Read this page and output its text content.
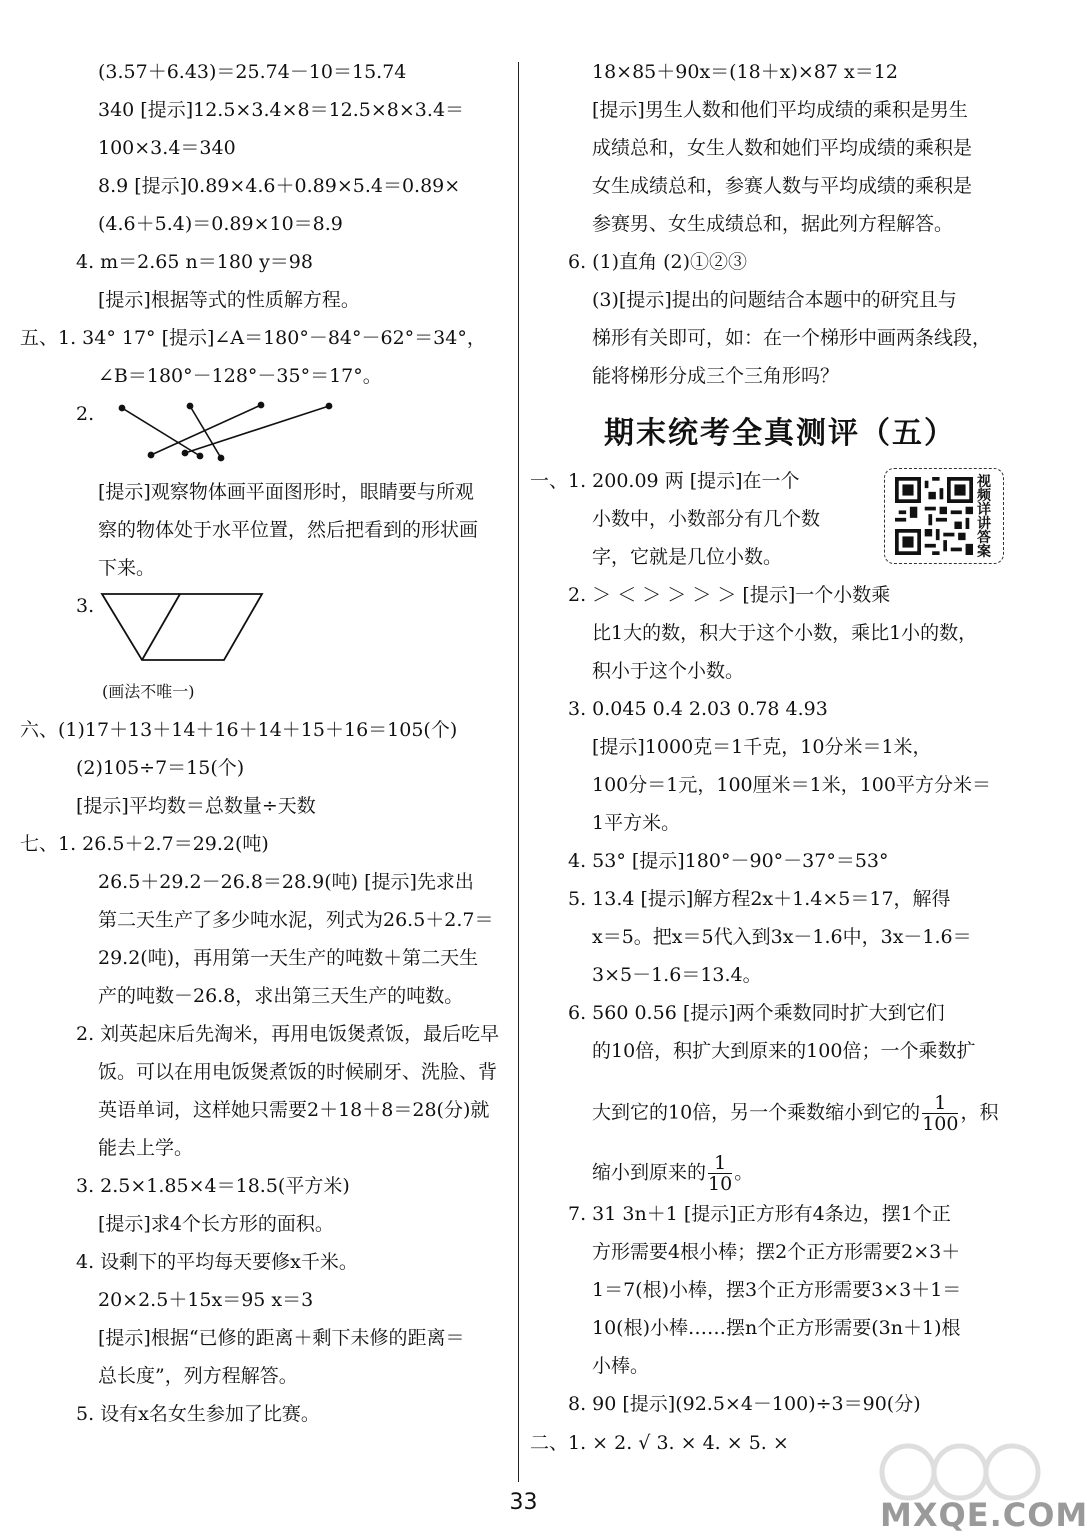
(3.57＋6.43)＝25.74－10＝15.74
340 [提示]12.5×3.4×8＝12.5×8×3.4＝
100×3.4＝340
8.9 [提示]0.89×4.6＋0.89×5.4＝0.89×
(4.6＋5.4)＝0.89×10＝8.9
4. m＝2.65 n＝180 y＝98
[提示]根据等式的性质解方程。
五、1. 34° 17° [提示]∠A＝180°－84°－62°＝34°，
∠B＝180°－128°－35°＝17°。
2.
[提示]观察物体画平面图形时，眼睛要与所观
察的物体处于水平位置，然后把看到的形状画
下来。
3.
(画法不唯一)
六、(1)17＋13＋14＋16＋14＋15＋16＝105(个)
(2)105÷7＝15(个)
[提示]平均数＝总数量÷天数
七、1. 26.5＋2.7＝29.2(吨)
26.5＋29.2－26.8＝28.9(吨) [提示]先求出
第二天生产了多少吨水泥，列式为26.5＋2.7＝
29.2(吨)，再用第一天生产的吨数＋第二天生
产的吨数－26.8，求出第三天生产的吨数。
2. 刘英起床后先淘米，再用电饭煲煮饭，最后吃早
饭。可以在用电饭煲煮饭的时候刷牙、洗脸、背
英语单词，这样她只需要2＋18＋8＝28(分)就
能去上学。
3. 2.5×1.85×4＝18.5(平方米)
[提示]求4个长方形的面积。
4. 设剩下的平均每天要修x千米。
20×2.5＋15x＝95 x＝3
[提示]根据“已修的距离＋剩下未修的距离＝
总长度”，列方程解答。
5. 设有x名女生参加了比赛。
18×85＋90x＝(18＋x)×87 x＝12
[提示]男生人数和他们平均成绩的乘积是男生
成绩总和，女生人数和她们平均成绩的乘积是
女生成绩总和，参赛人数与平均成绩的乘积是
参赛男、女生成绩总和，据此列方程解答。
6. (1)直角 (2)①②③
(3)[提示]提出的问题结合本题中的研究且与
梯形有关即可，如：在一个梯形中画两条线段，
能将梯形分成三个三角形吗？
期末统考全真测评（五）
一、1. 200.09 两 [提示]在一个
小数中，小数部分有几个数
字，它就是几位小数。
2. ＞ ＜ ＞ ＞ ＞ ＞ [提示]一个小数乘
比1大的数，积大于这个小数，乘比1小的数，
积小于这个小数。
3. 0.045 0.4 2.03 0.78 4.93
[提示]1000克＝1千克，10分米＝1米，
100分＝1元，100厘米＝1米，100平方分米＝
1平方米。
4. 53° [提示]180°－90°－37°＝53°
5. 13.4 [提示]解方程2x＋1.4×5＝17，解得
x＝5。把x＝5代入到3x－1.6中，3x－1.6＝
3×5－1.6＝13.4。
6. 560 0.56 [提示]两个乘数同时扩大到它们
的10倍，积扩大到原来的100倍；一个乘数扩
大到它的10倍，另一个乘数缩小到它的 $\frac{1}{100}$ ，积
缩小到原来的 $\frac{1}{10}$ 。
7. 31 3n＋1 [提示]正方形有4条边，摆1个正
方形需要4根小棒；摆2个正方形需要2×3＋
1＝7(根)小棒，摆3个正方形需要3×3＋1＝
10(根)小棒……摆n个正方形需要(3n＋1)根
小棒。
8. 90 [提示](92.5×4－100)÷3＝90(分)
二、1. × 2. √ 3. × 4. × 5. ×
视频详讲答案
MXQE.COM
33
